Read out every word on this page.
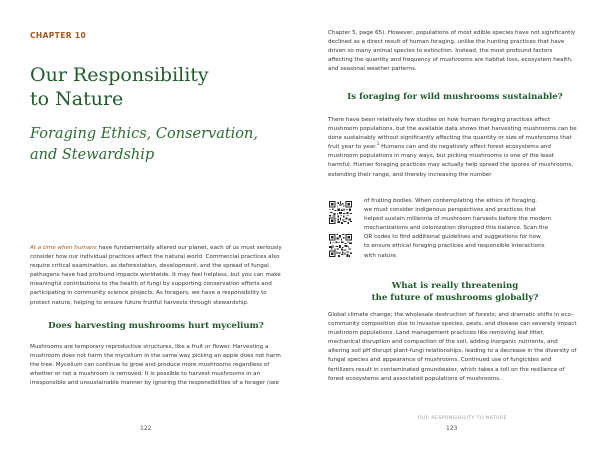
CHAPTER 10
Our Responsibility
to Nature
Foraging Ethics, Conservation,
and Stewardship

At a time when humans have fundamentally altered our planet, each of us must seriously consider how our individual practices affect the natural world. Commercial practices also require critical examination, as deforestation, development, and the spread of fungal pathogens have had profound impacts worldwide. It may feel helpless, but you can make meaningful contributions to the health of fungi by supporting conservation efforts and participating in community science projects. As foragers, we have a responsibility to protect nature, helping to ensure future fruitful harvests through stewardship.

Does harvesting mushrooms hurt mycelium?

Mushrooms are temporary reproductive structures, like a fruit or flower. Harvesting a mushroom does not harm the mycelium in the same way picking an apple does not harm the tree. Mycelium can continue to grow and produce more mushrooms regardless of whether or not a mushroom is removed. It is possible to harvest mushrooms in an irresponsible and unsustainable manner by ignoring the responsibilities of a forager (see

122

Chapter 5, page 65). However, populations of most edible species have not significantly declined as a direct result of human foraging, unlike the hunting practices that have driven so many animal species to extinction. Instead, the most profound factors affecting the quantity and frequency of mushrooms are habitat loss, ecosystem health, and seasonal weather patterns.

Is foraging for wild mushrooms sustainable?

There have been relatively few studies on how human foraging practices affect mushroom populations, but the available data shows that harvesting mushrooms can be done sustainably without significantly affecting the quantity or size of mushrooms that fruit year to year.$^1$ Humans can and do negatively affect forest ecosystems and mushroom populations in many ways, but picking mushrooms is one of the least harmful. Human foraging practices may actually help spread the spores of mushrooms, extending their range, and thereby increasing the number

of fruiting bodies. When contemplating the ethics of foraging,
we must consider indigenous perspectives and practices that
helped sustain millennia of mushroom harvests before the modern
mechanizations and colonization disrupted this balance. Scan the
QR codes to find additional guidelines and suggestions for how
to ensure ethical foraging practices and responsible interactions
with nature.
What is really threatening
the future of mushrooms globally?

Global climate change; the wholesale destruction of forests; and dramatic shifts in eco-community composition due to invasive species, pests, and disease can severely impact mushroom populations. Land management practices like removing leaf litter, mechanical disruption and compaction of the soil, adding inorganic nutrients, and altering soil pH disrupt plant-fungi relationships, leading to a decrease in the diversity of fungal species and appearance of mushrooms. Continued use of fungicides and fertilizers result in contaminated groundwater, which takes a toll on the resilience of forest ecosystems and associated populations of mushrooms.

OUR RESPONSIBILITY TO NATURE
123
